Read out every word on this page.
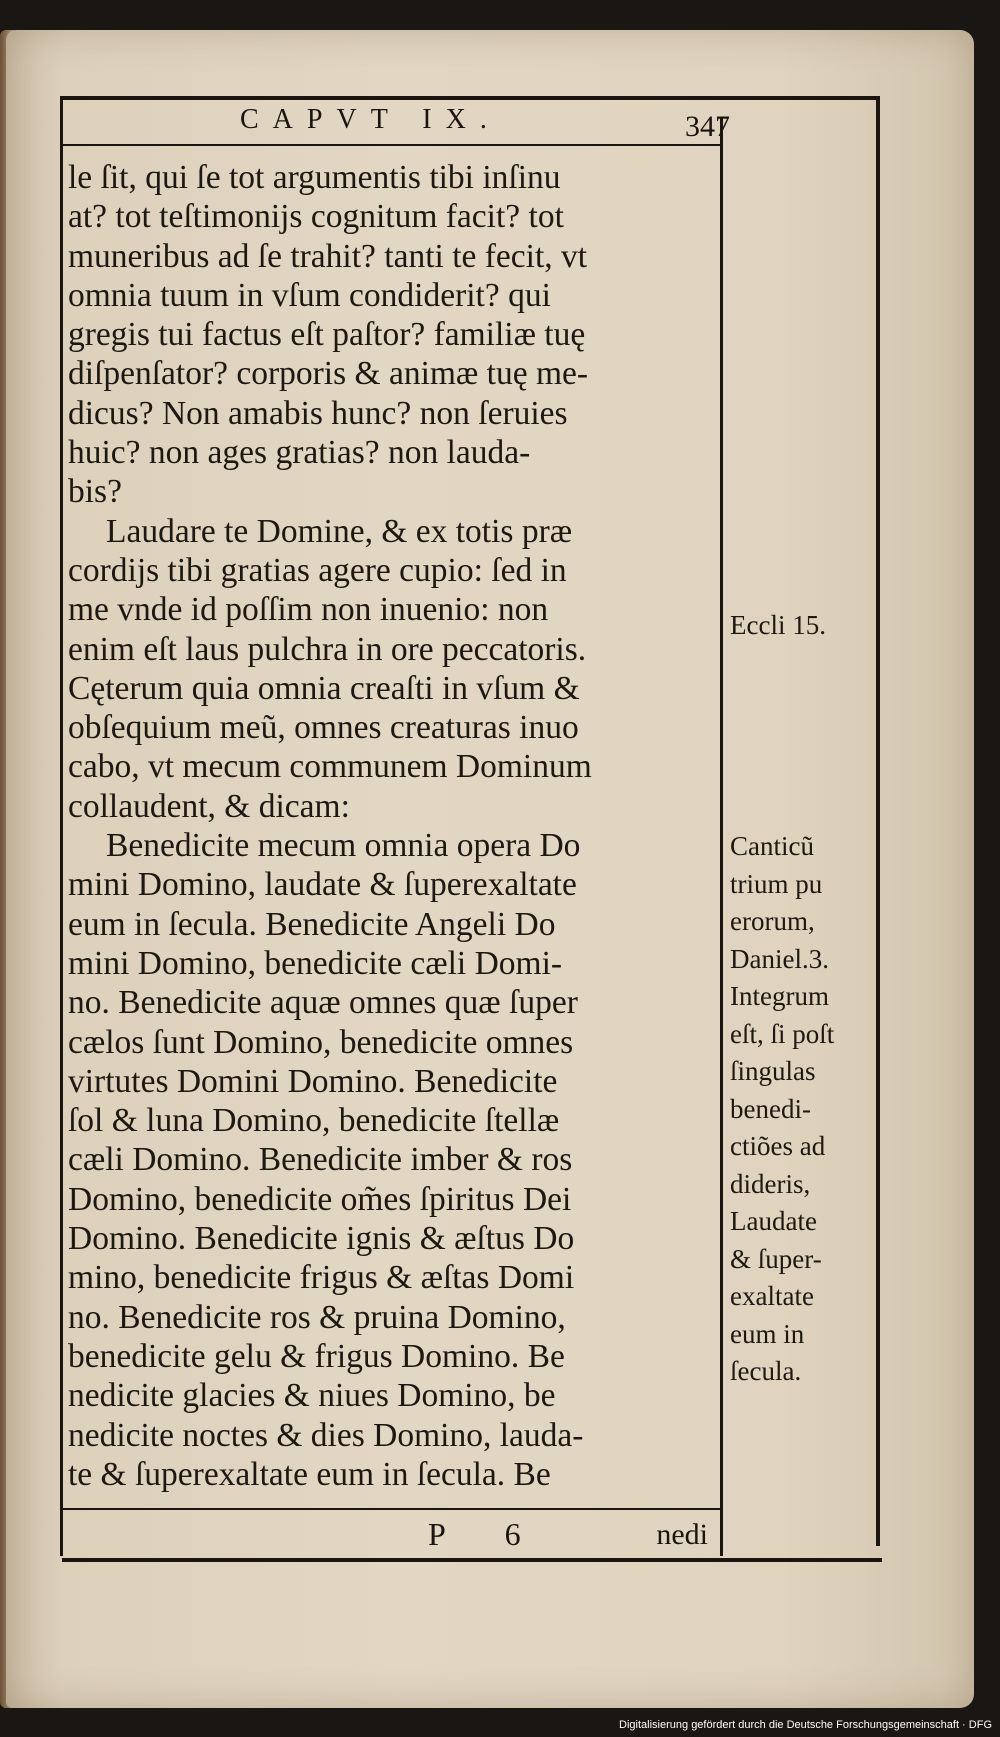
CAPVT IX.	347
le ſit, qui ſe tot argumentis tibi inſinu
at? tot teſtimonijs cognitum facit? tot
muneribus ad ſe trahit? tanti te fecit, vt
omnia tuum in vſum condiderit? qui
gregis tui factus eſt paſtor? familiæ tuę
diſpenſator? corporis & animæ tuę me-
dicus? Non amabis hunc? non ſeruies
huic? non ages gratias? non lauda-
bis?
Laudare te Domine, & ex totis præ
cordijs tibi gratias agere cupio: ſed in
me vnde id poſſim non inuenio: non
enim eſt laus pulchra in ore peccatoris.
Cęterum quia omnia creaſti in vſum &
obſequium meũ, omnes creaturas inuo
cabo, vt mecum communem Dominum
collaudent, & dicam:
Benedicite mecum omnia opera Do
mini Domino, laudate & ſuperexaltate
eum in ſecula. Benedicite Angeli Do
mini Domino, benedicite cæli Domi-
no. Benedicite aquæ omnes quæ ſuper
cælos ſunt Domino, benedicite omnes
virtutes Domini Domino. Benedicite
ſol & luna Domino, benedicite ſtellæ
cæli Domino. Benedicite imber & ros
Domino, benedicite om̃es ſpiritus Dei
Domino. Benedicite ignis & æſtus Do
mino, benedicite frigus & æſtas Domi
no. Benedicite ros & pruina Domino,
benedicite gelu & frigus Domino. Be
nedicite glacies & niues Domino, be
nedicite noctes & dies Domino, lauda-
te & ſuperexaltate eum in ſecula. Be
Eccli 15.
Canticũ
trium pu
erorum,
Daniel.3.
Integrum
eſt, ſi poſt
ſingulas
benedi-
ctiões ad
dideris,
Laudate
& ſuper-
exaltate
eum in
ſecula.
P 6	nedi
Digitalisierung gefördert durch die Deutsche Forschungsgemeinschaft · DFG
